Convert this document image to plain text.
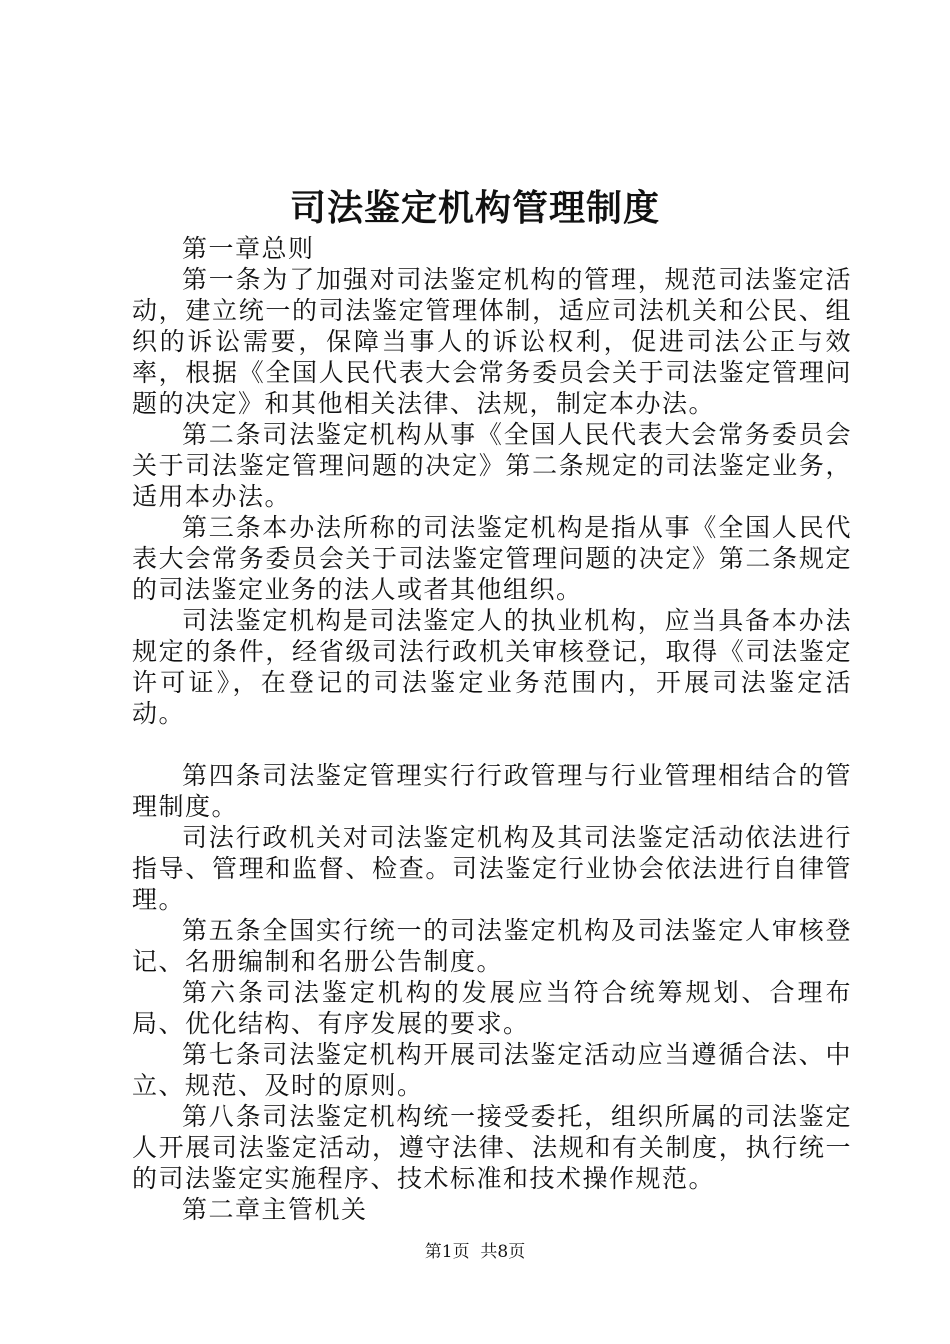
司法鉴定机构管理制度

第一章总则

第一条为了加强对司法鉴定机构的管理，规范司法鉴定活动，建立统一的司法鉴定管理体制，适应司法机关和公民、组织的诉讼需要，保障当事人的诉讼权利，促进司法公正与效率，根据《全国人民代表大会常务委员会关于司法鉴定管理问题的决定》和其他相关法律、法规，制定本办法。

第二条司法鉴定机构从事《全国人民代表大会常务委员会关于司法鉴定管理问题的决定》第二条规定的司法鉴定业务，适用本办法。

第三条本办法所称的司法鉴定机构是指从事《全国人民代表大会常务委员会关于司法鉴定管理问题的决定》第二条规定的司法鉴定业务的法人或者其他组织。

司法鉴定机构是司法鉴定人的执业机构，应当具备本办法规定的条件，经省级司法行政机关审核登记，取得《司法鉴定许可证》，在登记的司法鉴定业务范围内，开展司法鉴定活动。

第四条司法鉴定管理实行行政管理与行业管理相结合的管理制度。

司法行政机关对司法鉴定机构及其司法鉴定活动依法进行指导、管理和监督、检查。司法鉴定行业协会依法进行自律管理。

第五条全国实行统一的司法鉴定机构及司法鉴定人审核登记、名册编制和名册公告制度。

第六条司法鉴定机构的发展应当符合统筹规划、合理布局、优化结构、有序发展的要求。

第七条司法鉴定机构开展司法鉴定活动应当遵循合法、中立、规范、及时的原则。

第八条司法鉴定机构统一接受委托，组织所属的司法鉴定人开展司法鉴定活动，遵守法律、法规和有关制度，执行统一的司法鉴定实施程序、技术标准和技术操作规范。

第二章主管机关

第1页 共8页
